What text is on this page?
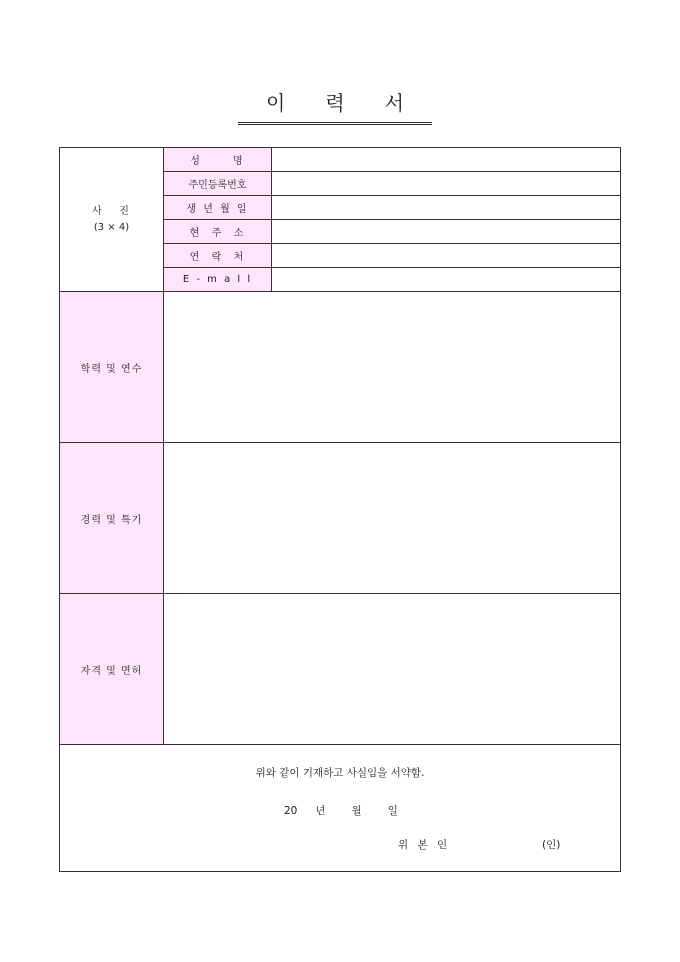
이 력 서
사   진
(3 × 4)	성      명	
	주민등록번호	
	생 년 월 일	
	현  주  소	
	연  락  처	
	E - m a l l	
학력 및 연수		
경력 및 특기		
자격 및 면허		

위와 같이 기재하고 사실임을 서약함.
20 년 월 일
위 본 인 (인)		
